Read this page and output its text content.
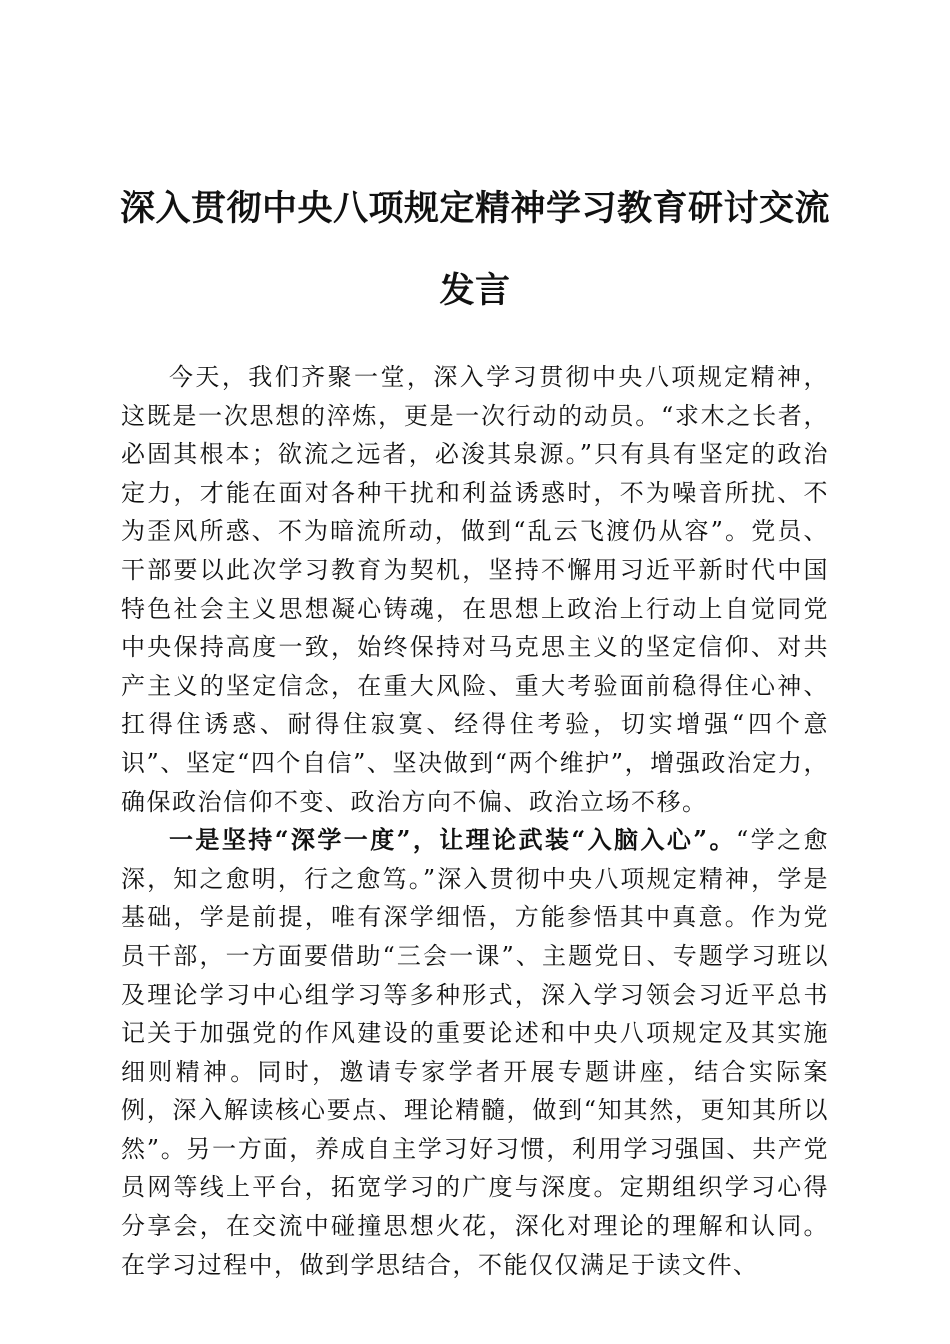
深入贯彻中央八项规定精神学习教育研讨交流发言

今天，我们齐聚一堂，深入学习贯彻中央八项规定精神，这既是一次思想的淬炼，更是一次行动的动员。“求木之长者，必固其根本；欲流之远者，必浚其泉源。”只有具有坚定的政治定力，才能在面对各种干扰和利益诱惑时，不为噪音所扰、不为歪风所惑、不为暗流所动，做到“乱云飞渡仍从容”。党员、干部要以此次学习教育为契机，坚持不懈用习近平新时代中国特色社会主义思想凝心铸魂，在思想上政治上行动上自觉同党中央保持高度一致，始终保持对马克思主义的坚定信仰、对共产主义的坚定信念，在重大风险、重大考验面前稳得住心神、扛得住诱惑、耐得住寂寞、经得住考验，切实增强“四个意识”、坚定“四个自信”、坚决做到“两个维护”，增强政治定力，确保政治信仰不变、政治方向不偏、政治立场不移。

一是坚持“深学一度”，让理论武装“入脑入心”。“学之愈深，知之愈明，行之愈笃。”深入贯彻中央八项规定精神，学是基础，学是前提，唯有深学细悟，方能参悟其中真意。作为党员干部，一方面要借助“三会一课”、主题党日、专题学习班以及理论学习中心组学习等多种形式，深入学习领会习近平总书记关于加强党的作风建设的重要论述和中央八项规定及其实施细则精神。同时，邀请专家学者开展专题讲座，结合实际案例，深入解读核心要点、理论精髓，做到“知其然，更知其所以然”。另一方面，养成自主学习好习惯，利用学习强国、共产党员网等线上平台，拓宽学习的广度与深度。定期组织学习心得分享会，在交流中碰撞思想火花，深化对理论的理解和认同。在学习过程中，做到学思结合，不能仅仅满足于读文件、
